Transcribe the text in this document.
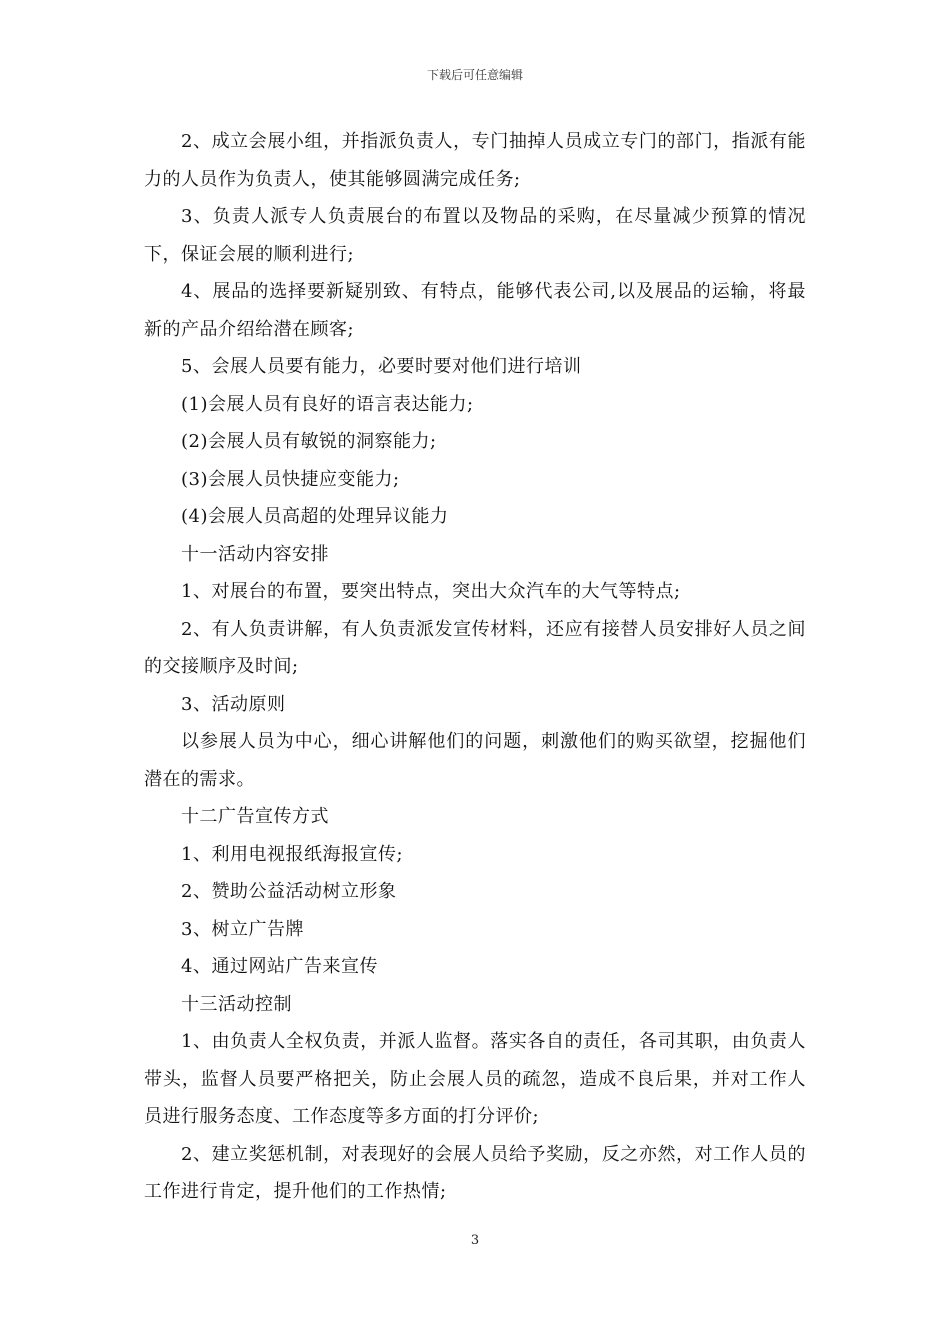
下载后可任意编辑

2、成立会展小组，并指派负责人，专门抽掉人员成立专门的部门，指派有能力的人员作为负责人，使其能够圆满完成任务;

3、负责人派专人负责展台的布置以及物品的采购，在尽量减少预算的情况下，保证会展的顺利进行;

4、展品的选择要新疑别致、有特点，能够代表公司,以及展品的运输，将最新的产品介绍给潜在顾客;

5、会展人员要有能力，必要时要对他们进行培训

(1)会展人员有良好的语言表达能力;

(2)会展人员有敏锐的洞察能力;

(3)会展人员快捷应变能力;

(4)会展人员高超的处理异议能力

十一活动内容安排

1、对展台的布置，要突出特点，突出大众汽车的大气等特点;

2、有人负责讲解，有人负责派发宣传材料，还应有接替人员安排好人员之间的交接顺序及时间;

3、活动原则

以参展人员为中心，细心讲解他们的问题，刺激他们的购买欲望，挖掘他们潜在的需求。

十二广告宣传方式

1、利用电视报纸海报宣传;

2、赞助公益活动树立形象

3、树立广告牌

4、通过网站广告来宣传

十三活动控制

1、由负责人全权负责，并派人监督。落实各自的责任，各司其职，由负责人带头，监督人员要严格把关，防止会展人员的疏忽，造成不良后果，并对工作人员进行服务态度、工作态度等多方面的打分评价;

2、建立奖惩机制，对表现好的会展人员给予奖励，反之亦然，对工作人员的工作进行肯定，提升他们的工作热情;

3
